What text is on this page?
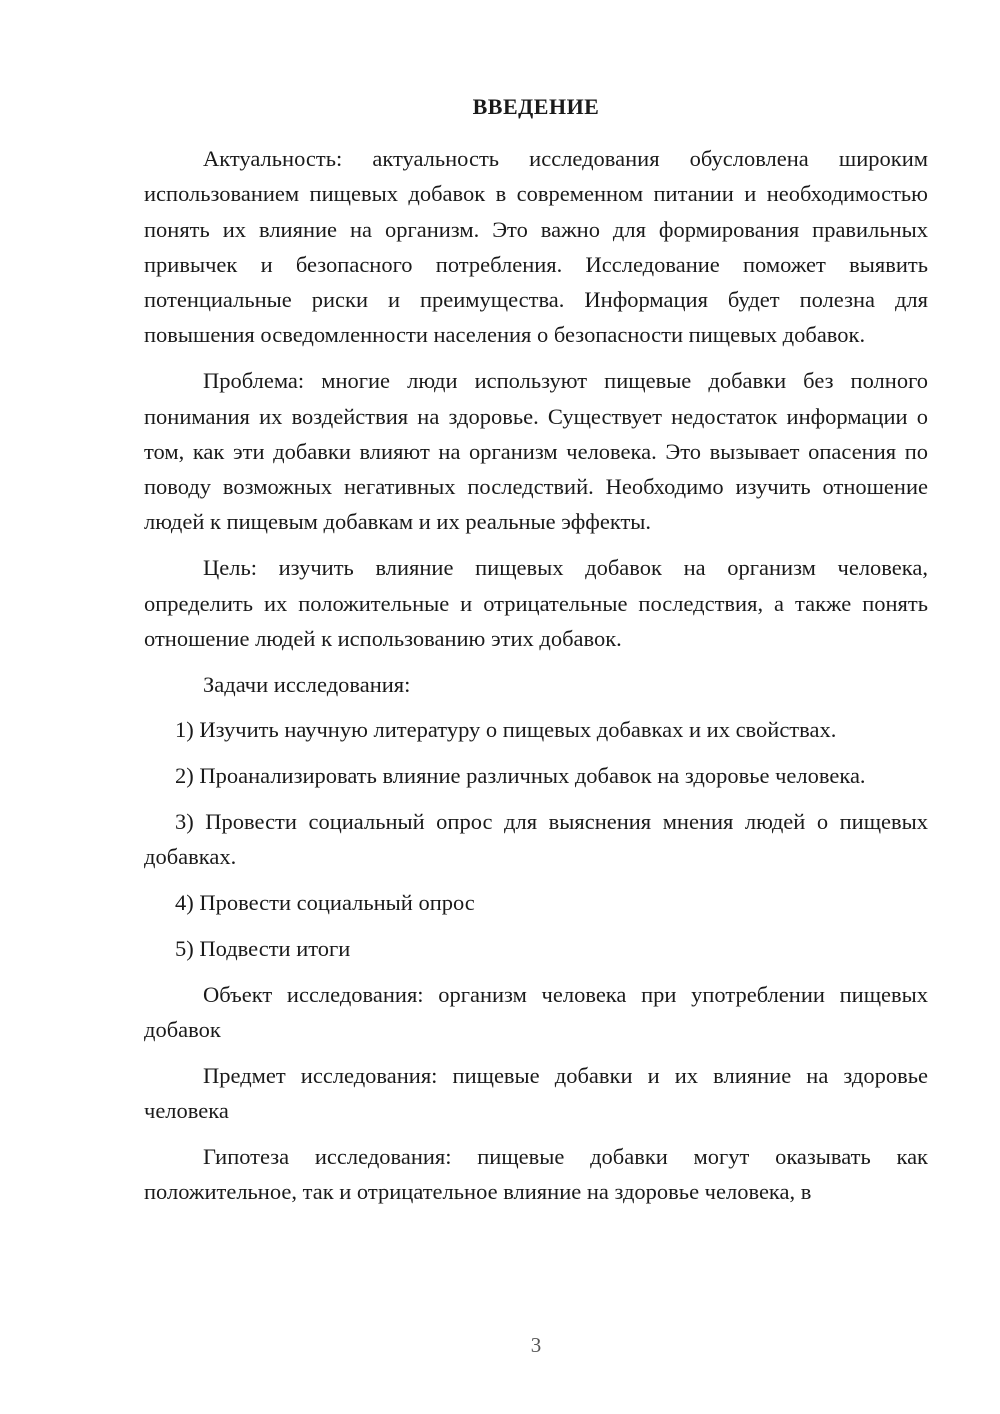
ВВЕДЕНИЕ

Актуальность: актуальность исследования обусловлена широким использованием пищевых добавок в современном питании и необходимостью понять их влияние на организм. Это важно для формирования правильных привычек и безопасного потребления. Исследование поможет выявить потенциальные риски и преимущества. Информация будет полезна для повышения осведомленности населения о безопасности пищевых добавок.

Проблема: многие люди используют пищевые добавки без полного понимания их воздействия на здоровье. Существует недостаток информации о том, как эти добавки влияют на организм человека. Это вызывает опасения по поводу возможных негативных последствий. Необходимо изучить отношение людей к пищевым добавкам и их реальные эффекты.

Цель: изучить влияние пищевых добавок на организм человека, определить их положительные и отрицательные последствия, а также понять отношение людей к использованию этих добавок.

Задачи исследования:

1) Изучить научную литературу о пищевых добавках и их свойствах.

2) Проанализировать влияние различных добавок на здоровье человека.

3) Провести социальный опрос для выяснения мнения людей о пищевых добавках.

4) Провести социальный опрос

5) Подвести итоги

Объект исследования: организм человека при употреблении пищевых добавок

Предмет исследования: пищевые добавки и их влияние на здоровье человека

Гипотеза исследования: пищевые добавки могут оказывать как положительное, так и отрицательное влияние на здоровье человека, в

3
